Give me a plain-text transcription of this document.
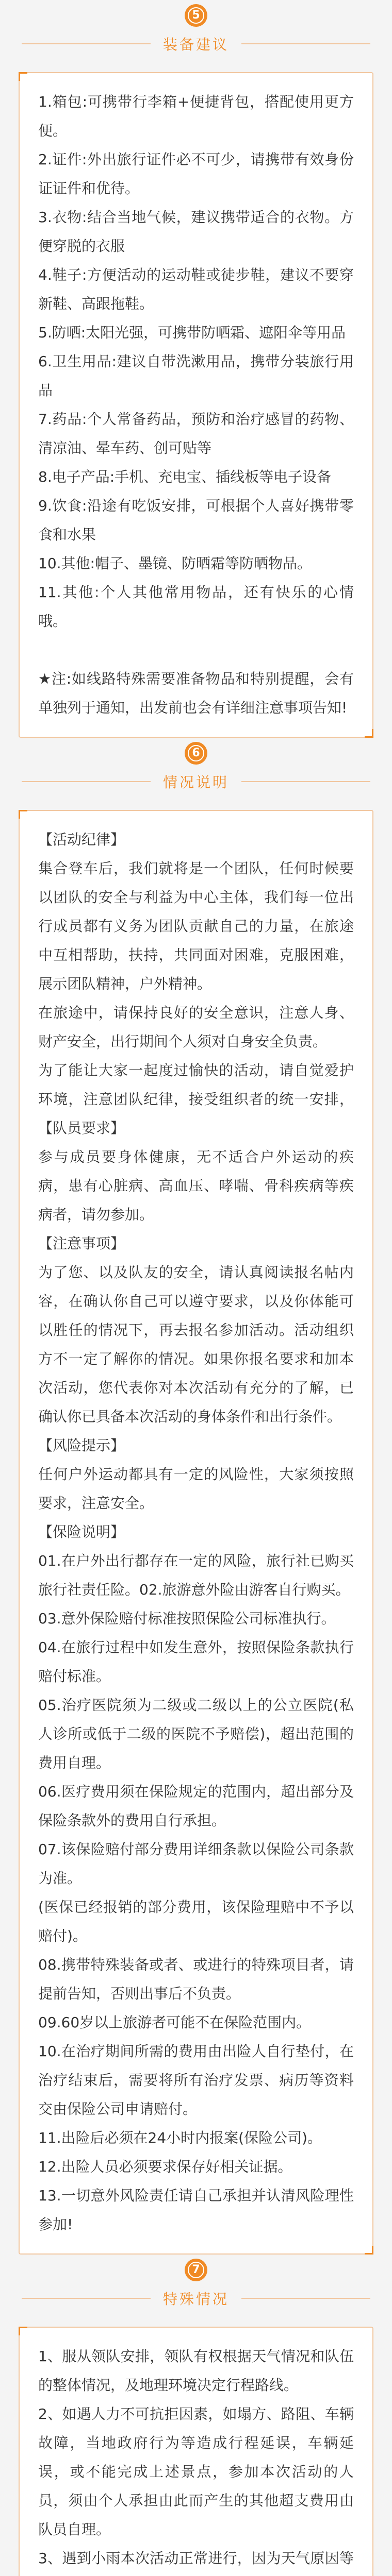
5
装备建议

1.箱包:可携带行李箱+便捷背包，搭配使用更方便。

2.证件:外出旅行证件必不可少，请携带有效身份证证件和优待。

3.衣物:结合当地气候，建议携带适合的衣物。方便穿脱的衣服

4.鞋子:方便活动的运动鞋或徒步鞋，建议不要穿新鞋、高跟拖鞋。

5.防晒:太阳光强，可携带防晒霜、遮阳伞等用品

6.卫生用品:建议自带洗漱用品，携带分装旅行用品

7.药品:个人常备药品，预防和治疗感冒的药物、清凉油、晕车药、创可贴等

8.电子产品:手机、充电宝、插线板等电子设备

9.饮食:沿途有吃饭安排，可根据个人喜好携带零食和水果

10.其他:帽子、墨镜、防晒霜等防晒物品。

11.其他:个人其他常用物品，还有快乐的心情哦。

★注:如线路特殊需要准备物品和特别提醒，会有单独列于通知，出发前也会有详细注意事项告知!

6
情况说明

【活动纪律】

集合登车后，我们就将是一个团队，任何时候要以团队的安全与利益为中心主体，我们每一位出行成员都有义务为团队贡献自己的力量，在旅途中互相帮助，扶持，共同面对困难，克服困难，展示团队精神，户外精神。

在旅途中，请保持良好的安全意识，注意人身、财产安全，出行期间个人须对自身安全负责。

为了能让大家一起度过愉快的活动，请自觉爱护环境，注意团队纪律，接受组织者的统一安排，【队员要求】

参与成员要身体健康，无不适合户外运动的疾病，患有心脏病、高血压、哮喘、骨科疾病等疾病者，请勿参加。

【注意事项】

为了您、以及队友的安全，请认真阅读报名帖内容，在确认你自己可以遵守要求，以及你体能可以胜任的情况下，再去报名参加活动。活动组织方不一定了解你的情况。如果你报名要求和加本次活动，您代表你对本次活动有充分的了解，已确认你已具备本次活动的身体条件和出行条件。

【风险提示】

任何户外运动都具有一定的风险性，大家须按照要求，注意安全。

【保险说明】

01.在户外出行都存在一定的风险，旅行社已购买旅行社责任险。02.旅游意外险由游客自行购买。

03.意外保险赔付标准按照保险公司标准执行。

04.在旅行过程中如发生意外，按照保险条款执行赔付标准。

05.治疗医院须为二级或二级以上的公立医院(私人诊所或低于二级的医院不予赔偿)，超出范围的费用自理。

06.医疗费用须在保险规定的范围内，超出部分及保险条款外的费用自行承担。

07.该保险赔付部分费用详细条款以保险公司条款为准。

(医保已经报销的部分费用，该保险理赔中不予以赔付)。

08.携带特殊装备或者、或进行的特殊项目者，请提前告知，否则出事后不负责。

09.60岁以上旅游者可能不在保险范围内。

10.在治疗期间所需的费用由出险人自行垫付，在治疗结束后，需要将所有治疗发票、病历等资料交由保险公司申请赔付。

11.出险后必须在24小时内报案(保险公司)。

12.出险人员必须要求保存好相关证据。

13.一切意外风险责任请自己承担并认清风险理性参加!

7
特殊情况

1、服从领队安排，领队有权根据天气情况和队伍的整体情况，及地理环境决定行程路线。

2、如遇人力不可抗拒因素，如塌方、路阻、车辆故障，当地政府行为等造成行程延误，车辆延误，或不能完成上述景点，参加本次活动的人员，须由个人承担由此而产生的其他超支费用由队员自理。

3、遇到小雨本次活动正常进行，因为天气原因等
